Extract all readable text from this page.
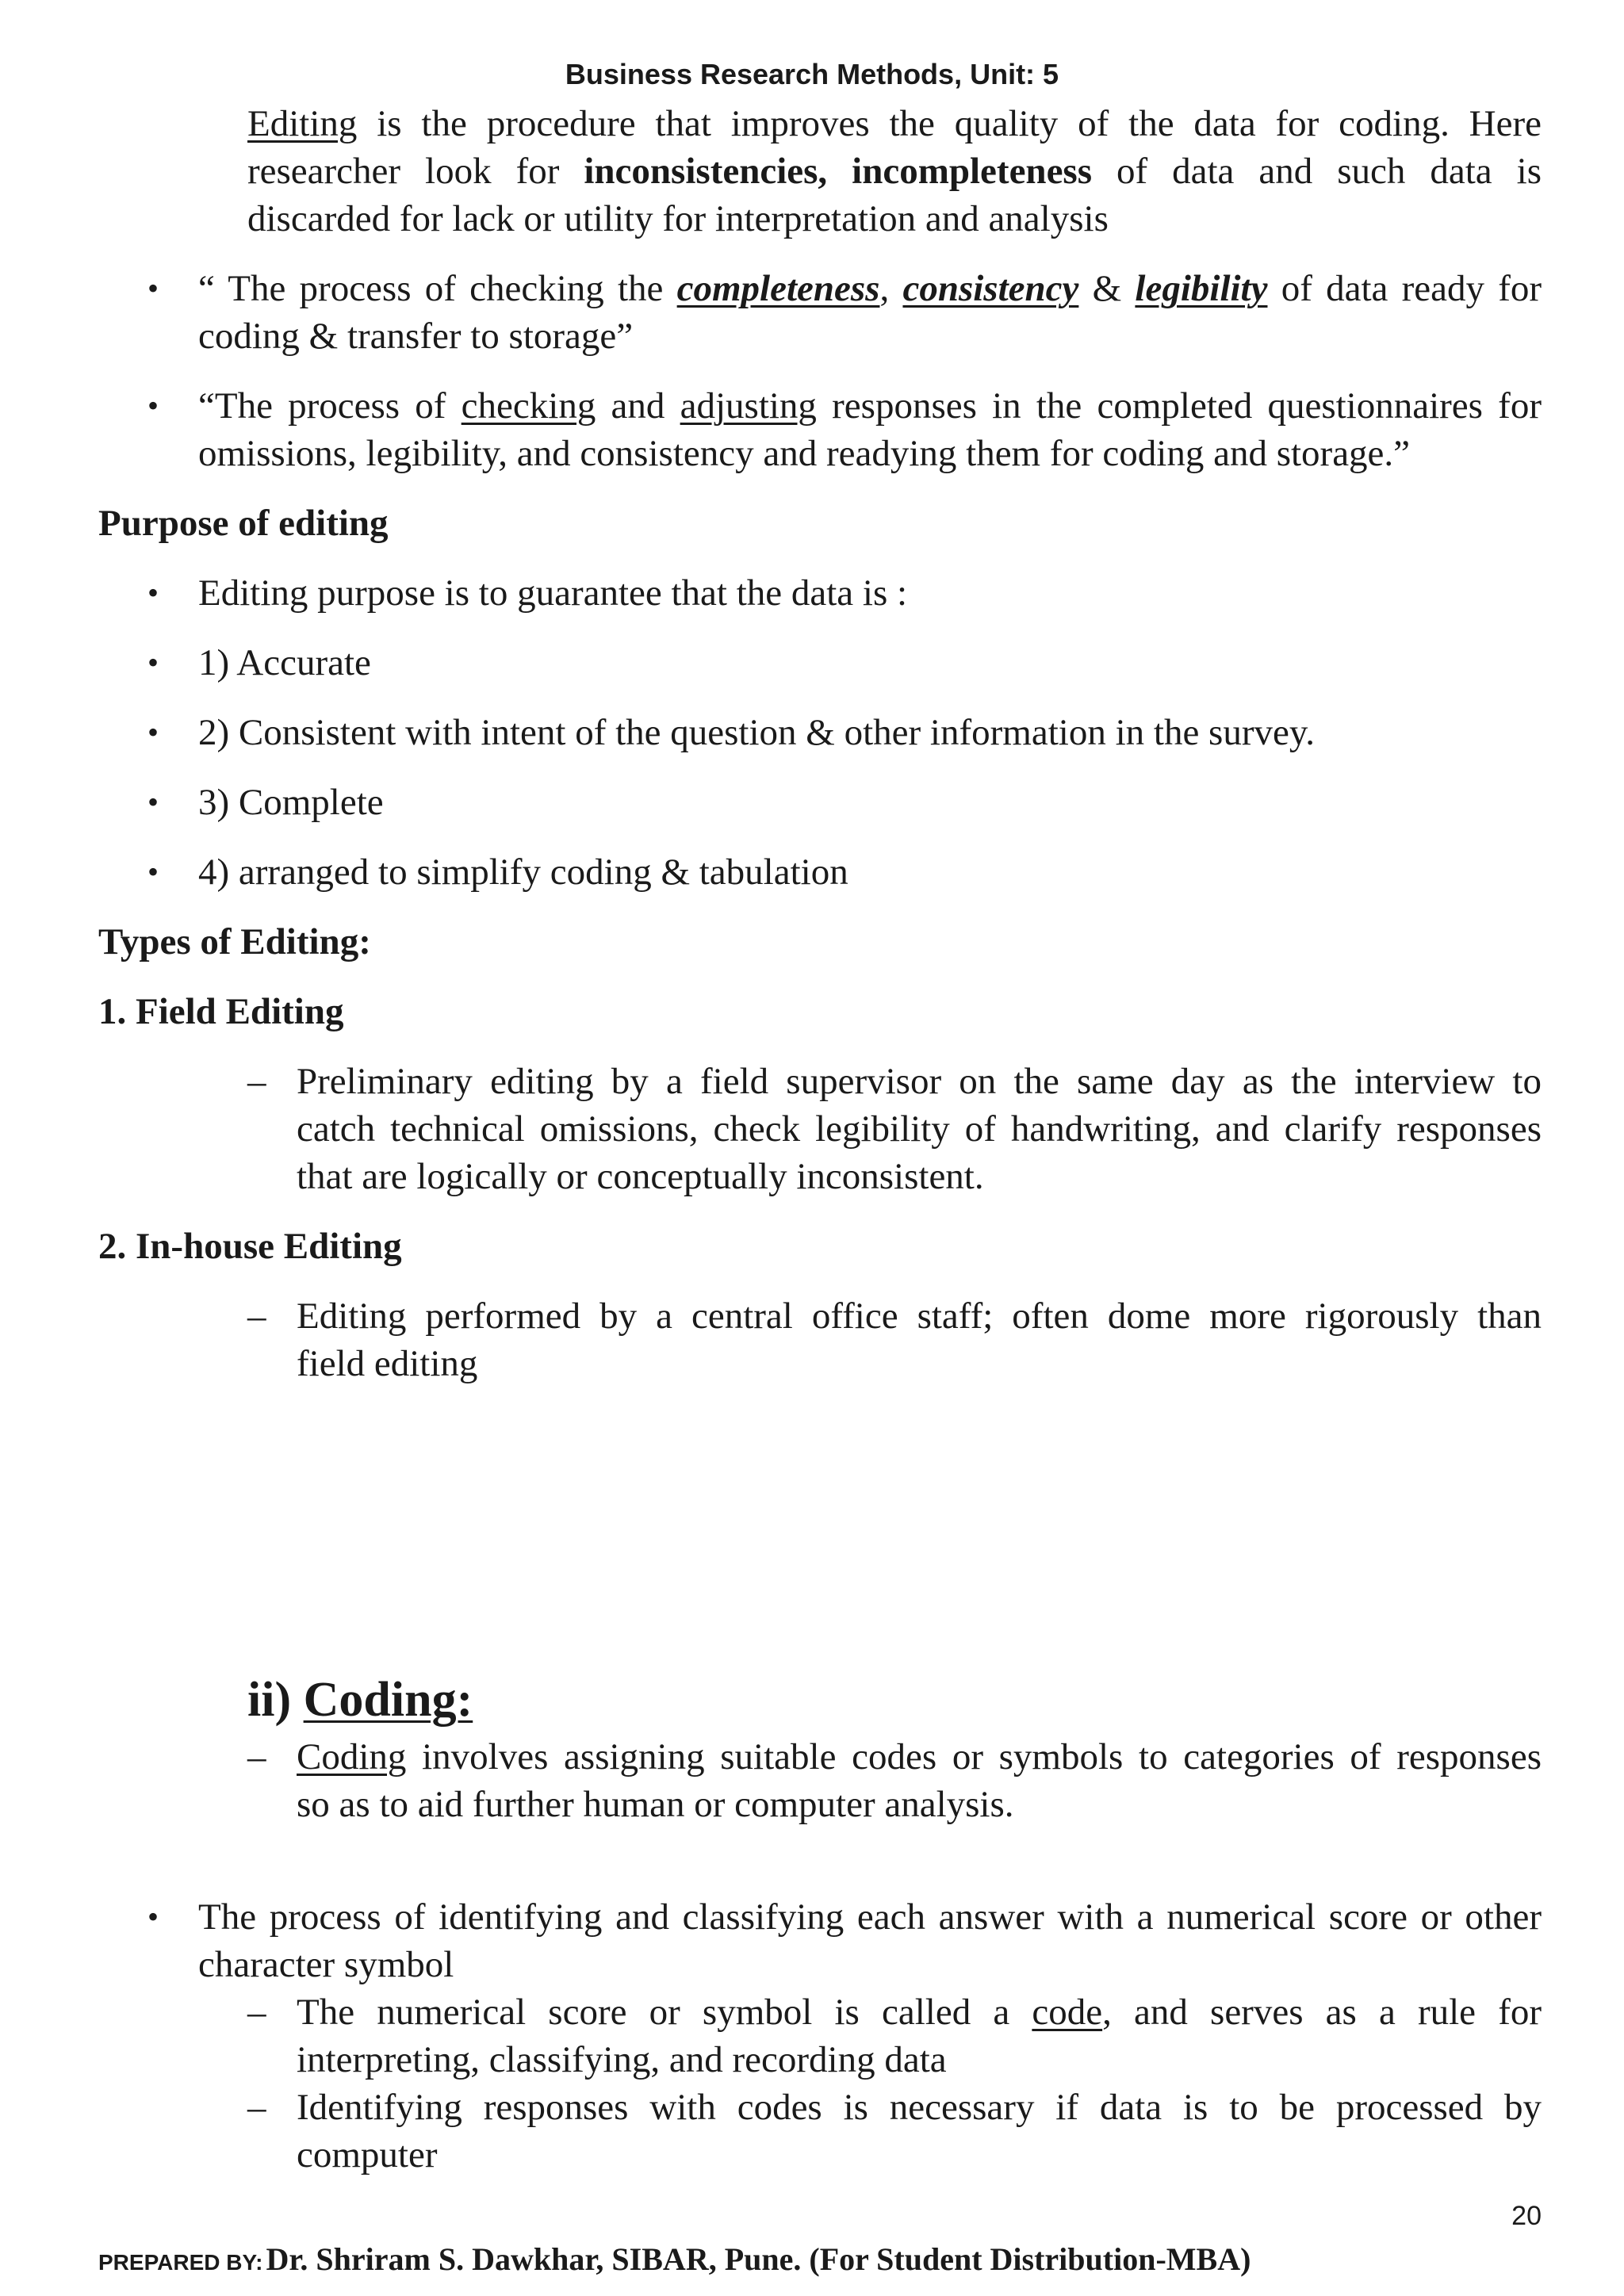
Business Research Methods, Unit: 5
Editing is the procedure that improves the quality of the data for coding. Here
researcher look for inconsistencies, incompleteness of data and such data is
discarded for lack or utility for interpretation and analysis
• “ The process of checking the completeness, consistency & legibility of data ready for
coding & transfer to storage”
• “The process of checking and adjusting responses in the completed questionnaires for
omissions, legibility, and consistency and readying them for coding and storage.”
Purpose of editing
• Editing purpose is to guarantee that the data is :
• 1) Accurate
• 2) Consistent with intent of the question & other information in the survey.
• 3) Complete
• 4) arranged to simplify coding & tabulation
Types of Editing:
1. Field Editing
– Preliminary editing by a field supervisor on the same day as the interview to
catch technical omissions, check legibility of handwriting, and clarify responses
that are logically or conceptually inconsistent.
2. In-house Editing
– Editing performed by a central office staff; often dome more rigorously than
field editing
ii) Coding:
– Coding involves assigning suitable codes or symbols to categories of responses
so as to aid further human or computer analysis.
• The process of identifying and classifying each answer with a numerical score or other
character symbol
– The numerical score or symbol is called a code, and serves as a rule for
interpreting, classifying, and recording data
– Identifying responses with codes is necessary if data is to be processed by
computer
20
PREPARED BY: Dr. Shriram S. Dawkhar, SIBAR, Pune. (For Student Distribution-MBA)
